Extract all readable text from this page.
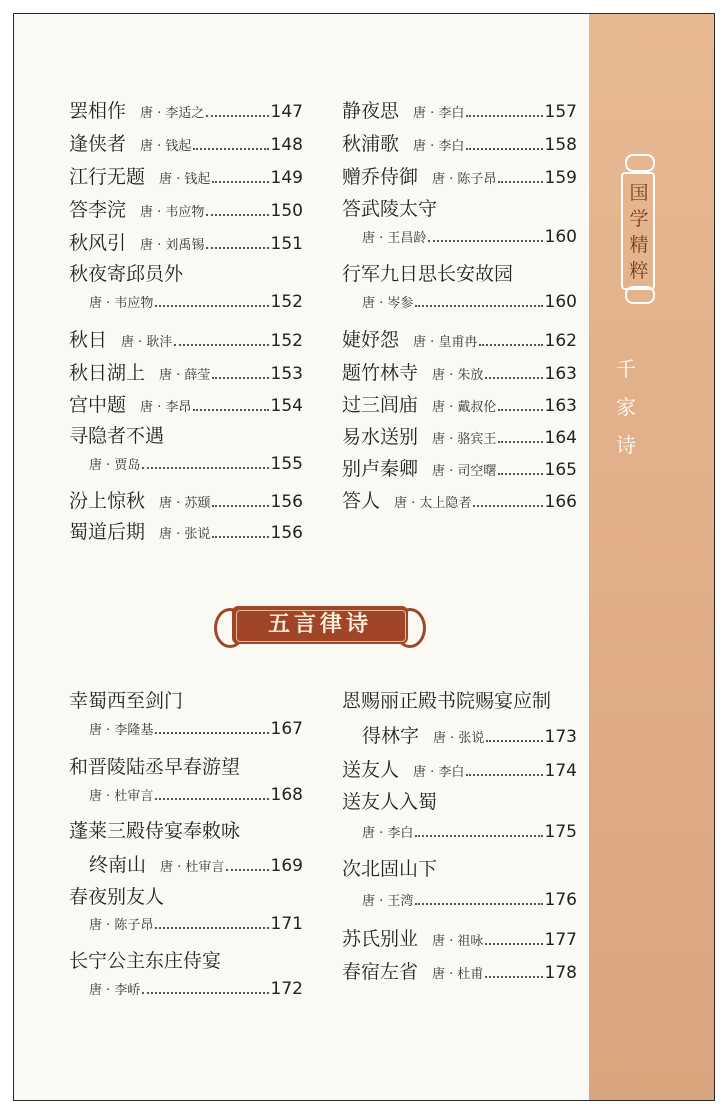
国学精粹
千家诗
罢相作 唐 · 李适之	147
逢侠者 唐 · 钱起	148
江行无题 唐 · 钱起	149
答李浣 唐 · 韦应物	150
秋风引 唐 · 刘禹锡	151
秋夜寄邱员外
唐 · 韦应物	152
秋日 唐 · 耿沣	152
秋日湖上 唐 · 薛莹	153
宫中题 唐 · 李昂	154
寻隐者不遇
唐 · 贾岛	155
汾上惊秋 唐 · 苏颋	156
蜀道后期 唐 · 张说	156
静夜思 唐 · 李白	157
秋浦歌 唐 · 李白	158
赠乔侍御 唐 · 陈子昂	159
答武陵太守
唐 · 王昌龄	160
行军九日思长安故园
唐 · 岑参	160
婕妤怨 唐 · 皇甫冉	162
题竹林寺 唐 · 朱放	163
过三闾庙 唐 · 戴叔伦	163
易水送别 唐 · 骆宾王	164
别卢秦卿 唐 · 司空曙	165
答人 唐 · 太上隐者	166
五言律诗
幸蜀西至剑门
唐 · 李隆基	167
和晋陵陆丞早春游望
唐 · 杜审言	168
蓬莱三殿侍宴奉敕咏
终南山 唐 · 杜审言	169
春夜别友人
唐 · 陈子昂	171
长宁公主东庄侍宴
唐 · 李峤	172
恩赐丽正殿书院赐宴应制
得林字 唐 · 张说	173
送友人 唐 · 李白	174
送友人入蜀
唐 · 李白	175
次北固山下
唐 · 王湾	176
苏氏别业 唐 · 祖咏	177
春宿左省 唐 · 杜甫	178
